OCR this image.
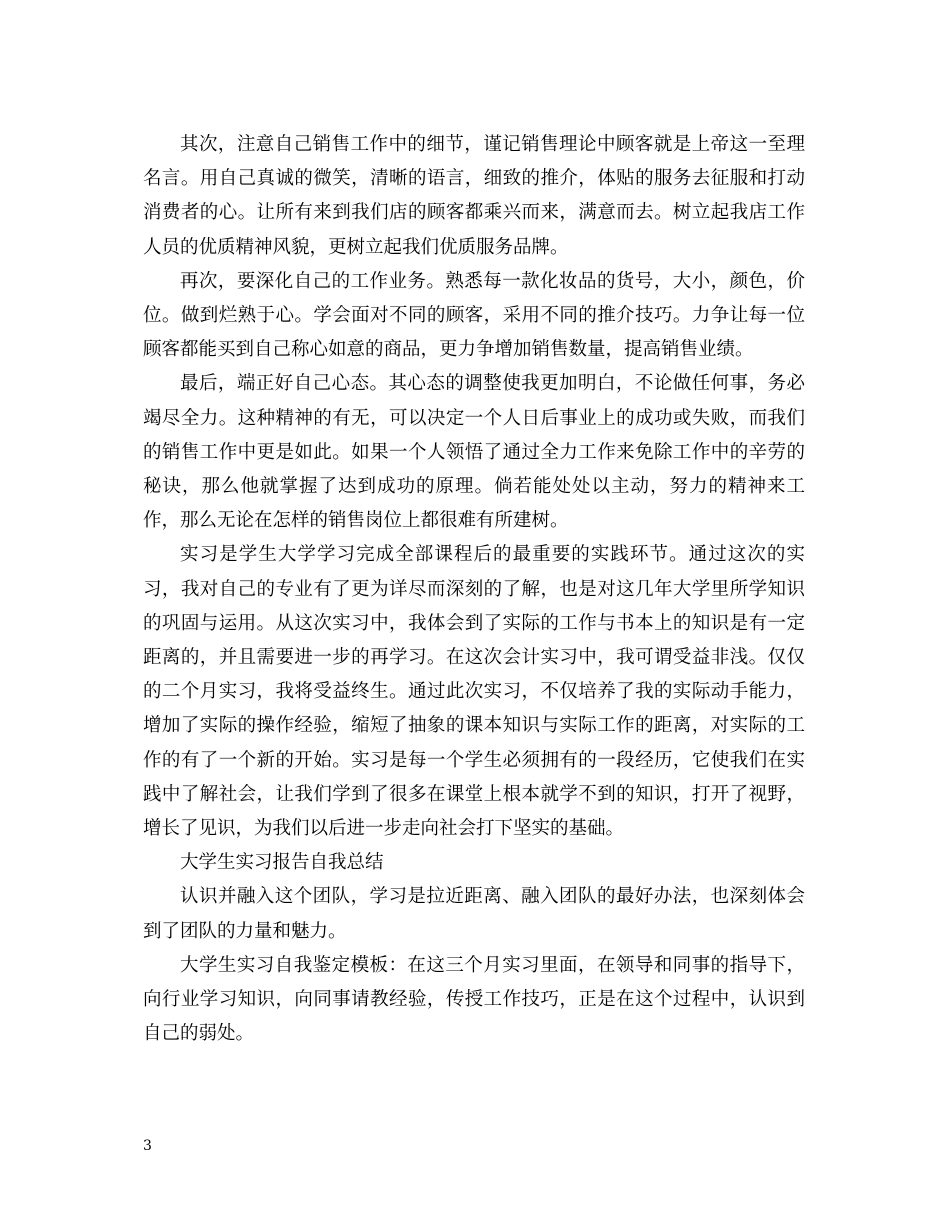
其次，注意自己销售工作中的细节，谨记销售理论中顾客就是上帝这一至理名言。用自己真诚的微笑，清晰的语言，细致的推介，体贴的服务去征服和打动消费者的心。让所有来到我们店的顾客都乘兴而来，满意而去。树立起我店工作人员的优质精神风貌，更树立起我们优质服务品牌。

再次，要深化自己的工作业务。熟悉每一款化妆品的货号，大小，颜色，价位。做到烂熟于心。学会面对不同的顾客，采用不同的推介技巧。力争让每一位顾客都能买到自己称心如意的商品，更力争增加销售数量，提高销售业绩。

最后，端正好自己心态。其心态的调整使我更加明白，不论做任何事，务必竭尽全力。这种精神的有无，可以决定一个人日后事业上的成功或失败，而我们的销售工作中更是如此。如果一个人领悟了通过全力工作来免除工作中的辛劳的秘诀，那么他就掌握了达到成功的原理。倘若能处处以主动，努力的精神来工作，那么无论在怎样的销售岗位上都很难有所建树。

实习是学生大学学习完成全部课程后的最重要的实践环节。通过这次的实习，我对自己的专业有了更为详尽而深刻的了解，也是对这几年大学里所学知识的巩固与运用。从这次实习中，我体会到了实际的工作与书本上的知识是有一定距离的，并且需要进一步的再学习。在这次会计实习中，我可谓受益非浅。仅仅的二个月实习，我将受益终生。通过此次实习，不仅培养了我的实际动手能力，增加了实际的操作经验，缩短了抽象的课本知识与实际工作的距离，对实际的工作的有了一个新的开始。实习是每一个学生必须拥有的一段经历，它使我们在实践中了解社会，让我们学到了很多在课堂上根本就学不到的知识，打开了视野，增长了见识，为我们以后进一步走向社会打下坚实的基础。

大学生实习报告自我总结

认识并融入这个团队，学习是拉近距离、融入团队的最好办法，也深刻体会到了团队的力量和魅力。

大学生实习自我鉴定模板：在这三个月实习里面，在领导和同事的指导下，向行业学习知识，向同事请教经验，传授工作技巧，正是在这个过程中，认识到自己的弱处。

3
